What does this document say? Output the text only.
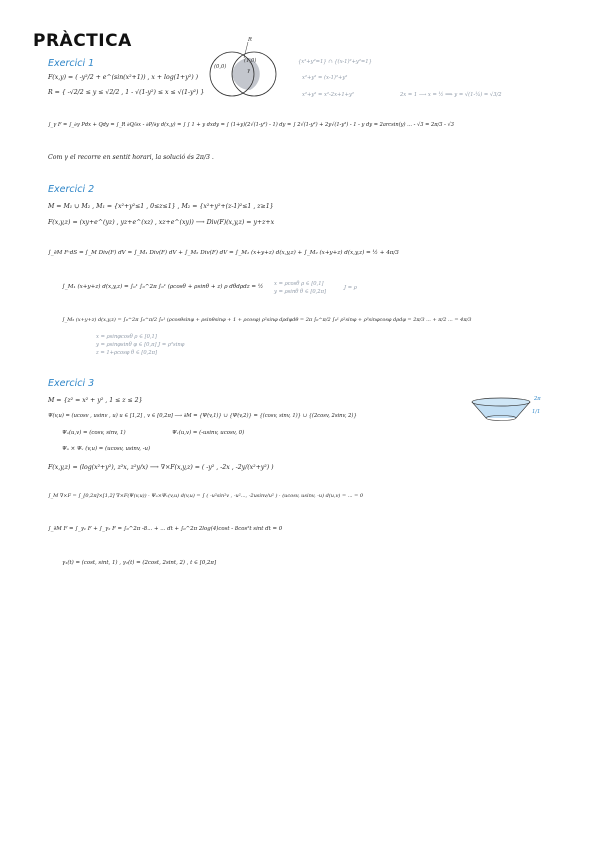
PRÀCTICA
Exercici 1
F(x,y) = ( -y²/2 + e^(sin(x²+1)) , x + log(1+y²) )
R = { -√2/2 ≤ y ≤ √2/2 , 1 - √(1-y²) ≤ x ≤ √(1-y²) }
R
(0,0)
(1,0)
γ
{x²+y²=1} ∩ {(x-1)²+y²=1}
x²+y² = (x-1)²+y²
x²+y² = x²-2x+1+y²	2x = 1 ⟶ x = ½ ⟹ y = √(1-¼) = √3/2
∫_γ F = ∫_∂γ Pdx + Qdy = ∫_R ∂Q/∂x - ∂P/∂y d(x,y) = ∫ ∫ 1 + y dxdy = ∫ (1+y)(2√(1-y²) - 1) dy = ∫ 2√(1-y²) + 2y√(1-y²) - 1 - y dy = 2arcsin(y) ... - √3 = 2π/3 - √3
Com γ el recorre en sentit horari, la solució és 2π/3 .
Exercici 2
M = M₁ ∪ M₂ , M₁ = {x²+y²≤1 , 0≤z≤1} , M₂ = {x²+y²+(z-1)²≤1 , z≥1}
F(x,y,z) = (xy+e^(yz) , yz+e^(xz) , xz+e^(xy)) ⟶ Div(F)(x,y,z) = y+z+x
∫_∂M F·dS = ∫_M Div(F) dV = ∫_M₁ Div(F) dV + ∫_M₂ Div(F) dV = ∫_M₁ (x+y+z) d(x,y,z) + ∫_M₂ (x+y+z) d(x,y,z) = ½ + 4π/3
∫_M₁ (x+y+z) d(x,y,z) = ∫₀¹ ∫₀^2π ∫₀¹ (ρcosθ + ρsinθ + z) ρ dθdρdz = ½ x = ρcosθ ρ ∈ [0,1]
y = ρsinθ θ ∈ [0,2π]
J = ρ
∫_M₂ (x+y+z) d(x,y,z) = ∫₀^2π ∫₀^π/2 ∫₀¹ (ρcosθsinφ + ρsinθsinφ + 1 + ρcosφ) ρ²sinφ dρdφdθ = 2π ∫₀^π/2 ∫₀¹ ρ²sinφ + ρ³sinφcosφ dρdφ = 2π/3 ... + π/2 ... = 4π/3
x = ρsinφcosθ ρ ∈ [0,1]
y = ρsinφsinθ φ ∈ [0,π] J = ρ²sinφ
z = 1+ρcosφ θ ∈ [0,2π]
Exercici 3
M = {z² = x² + y² , 1 ≤ z ≤ 2}	2π
1/1
Ψ(v,u) = (ucosv , usinv , u) u ∈ [1,2] , v ∈ [0,2π] ⟶ ∂M = {Ψ(v,1)} ∪ {Ψ(v,2)} = {(cosv, sinv, 1)} ∪ {(2cosv, 2sinv, 2)}
Ψᵤ(u,v) = (cosv, sinv, 1)	Ψᵥ(u,v) = (-usinv, ucosv, 0)
Ψᵤ × Ψᵥ (v,u) = (ucosv, usinv, -u)
F(x,y,z) = (log(x²+y²), z²x, z²y/x) ⟶ ∇×F(x,y,z) = ( -y² , -2x , -2y/(x²+y²) )
∫_M ∇×F = ∫_[0,2π]×[1,2] ∇×F(Ψ(v,u)) · Ψᵤ×Ψᵥ(v,u) d(v,u) = ∫ ( -u²sin²v , -u²..., -2usinv/u² ) · (ucosv, usinv, -u) d(u,v) = ... = 0
∫_∂M F = ∫_γ₁ F + ∫_γ₂ F = ∫₀^2π -8... + ... dt + ∫₀^2π 2log(4)cost - 8cos²t sint dt = 0
γ₁(t) = (cost, sint, 1) , γ₂(t) = (2cost, 2sint, 2) , t ∈ [0,2π]
